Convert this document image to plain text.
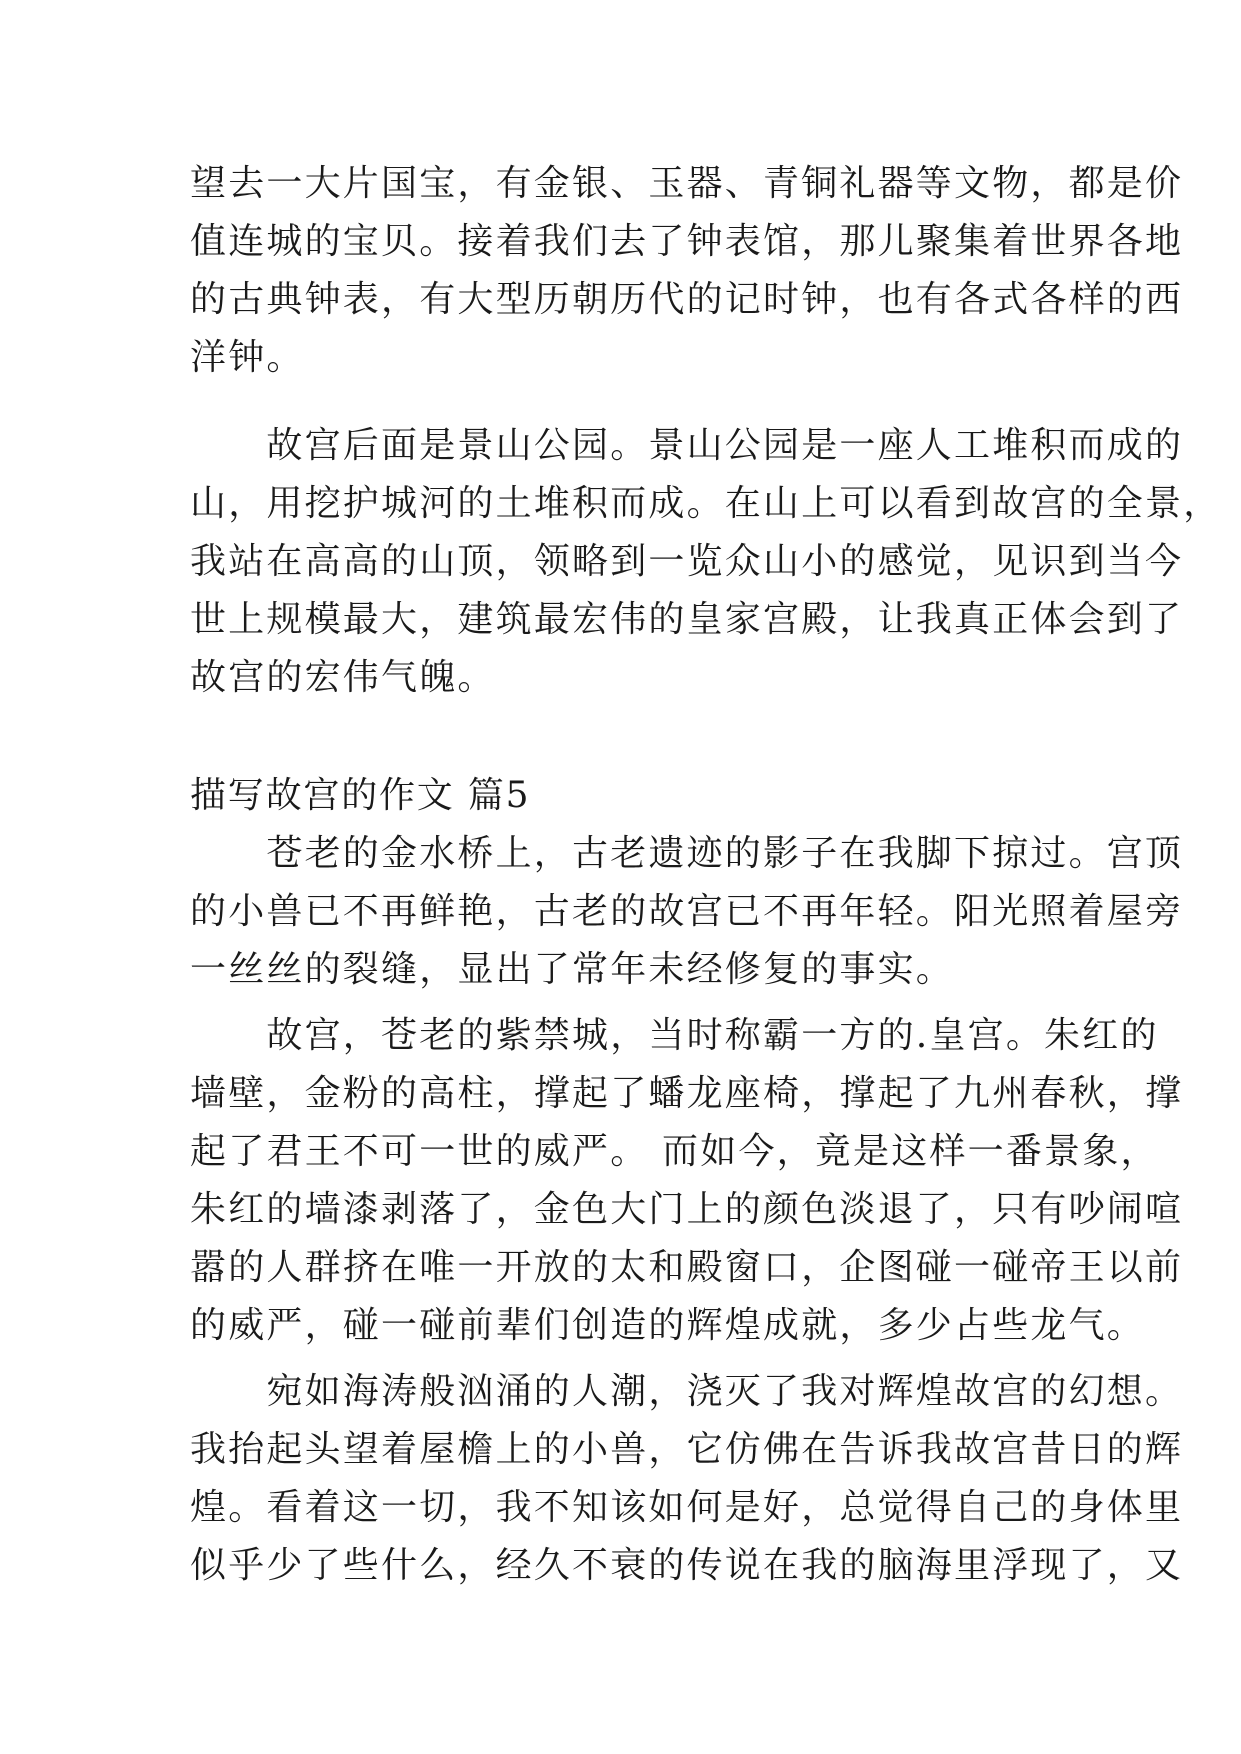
望去一大片国宝，有金银、玉器、青铜礼器等文物，都是价
值连城的宝贝。接着我们去了钟表馆，那儿聚集着世界各地
的古典钟表，有大型历朝历代的记时钟，也有各式各样的西
洋钟。
　　故宫后面是景山公园。景山公园是一座人工堆积而成的
山，用挖护城河的土堆积而成。在山上可以看到故宫的全景，
我站在高高的山顶，领略到一览众山小的感觉，见识到当今
世上规模最大，建筑最宏伟的皇家宫殿，让我真正体会到了
故宫的宏伟气魄。
描写故宫的作文 篇5
　　苍老的金水桥上，古老遗迹的影子在我脚下掠过。宫顶
的小兽已不再鲜艳，古老的故宫已不再年轻。阳光照着屋旁
一丝丝的裂缝，显出了常年未经修复的事实。
　　故宫，苍老的紫禁城，当时称霸一方的.皇宫。朱红的
墙壁，金粉的高柱，撑起了蟠龙座椅，撑起了九州春秋，撑
起了君王不可一世的威严。 而如今，竟是这样一番景象，
朱红的墙漆剥落了，金色大门上的颜色淡退了，只有吵闹喧
嚣的人群挤在唯一开放的太和殿窗口，企图碰一碰帝王以前
的威严，碰一碰前辈们创造的辉煌成就，多少占些龙气。
　　宛如海涛般汹涌的人潮，浇灭了我对辉煌故宫的幻想。
我抬起头望着屋檐上的小兽，它仿佛在告诉我故宫昔日的辉
煌。看着这一切，我不知该如何是好，总觉得自己的身体里
似乎少了些什么，经久不衰的传说在我的脑海里浮现了，又
